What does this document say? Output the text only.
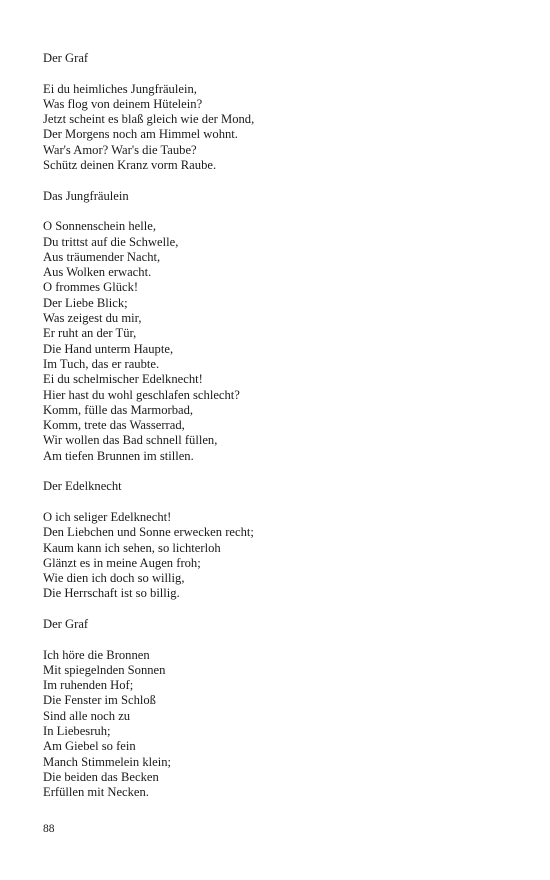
Der Graf

Ei du heimliches Jungfräulein,
Was flog von deinem Hütelein?
Jetzt scheint es blaß gleich wie der Mond,
Der Morgens noch am Himmel wohnt.
War's Amor? War's die Taube?
Schütz deinen Kranz vorm Raube.

Das Jungfräulein

O Sonnenschein helle,
Du trittst auf die Schwelle,
Aus träumender Nacht,
Aus Wolken erwacht.
O frommes Glück!
Der Liebe Blick;
Was zeigest du mir,
Er ruht an der Tür,
Die Hand unterm Haupte,
Im Tuch, das er raubte.
Ei du schelmischer Edelknecht!
Hier hast du wohl geschlafen schlecht?
Komm, fülle das Marmorbad,
Komm, trete das Wasserrad,
Wir wollen das Bad schnell füllen,
Am tiefen Brunnen im stillen.

Der Edelknecht

O ich seliger Edelknecht!
Den Liebchen und Sonne erwecken recht;
Kaum kann ich sehen, so lichterloh
Glänzt es in meine Augen froh;
Wie dien ich doch so willig,
Die Herrschaft ist so billig.

Der Graf

Ich höre die Bronnen
Mit spiegelnden Sonnen
Im ruhenden Hof;
Die Fenster im Schloß
Sind alle noch zu
In Liebesruh;
Am Giebel so fein
Manch Stimmelein klein;
Die beiden das Becken
Erfüllen mit Necken.
88
